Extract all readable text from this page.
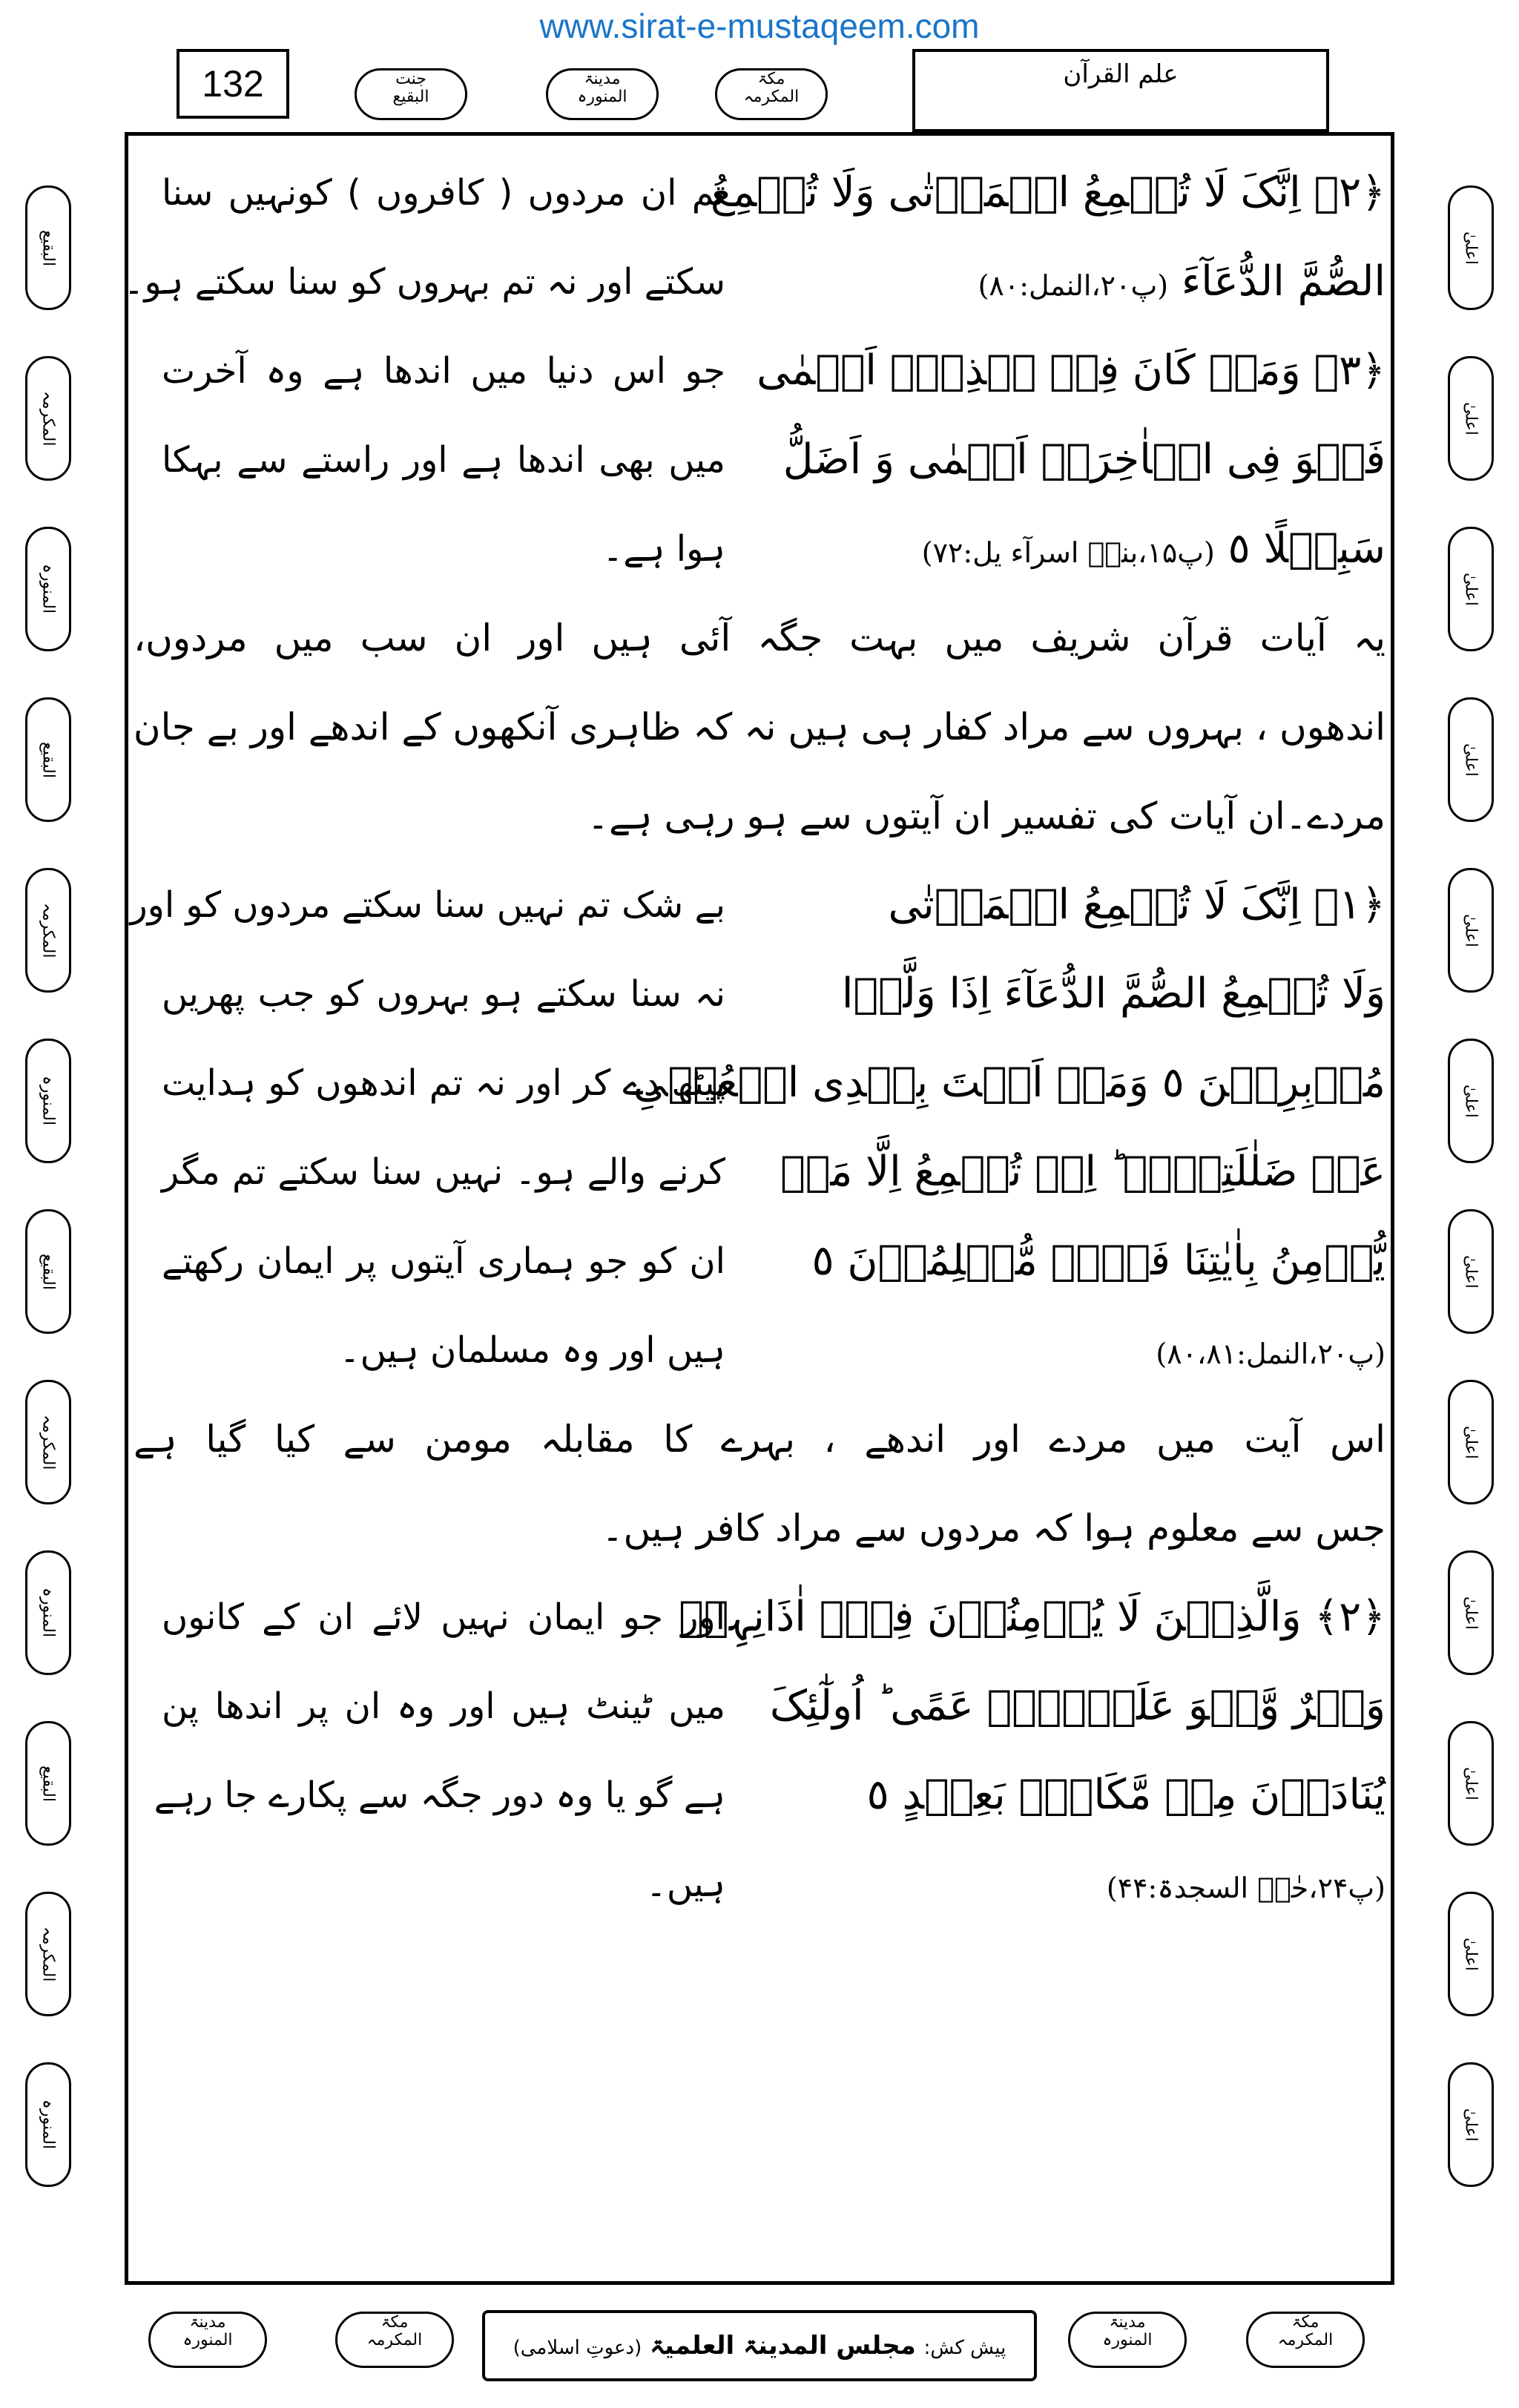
www.sirat-e-mustaqeem.com
132	جنت
البقیع
مدینۃ
المنورہ
مکۃ
المکرمہ
علم القرآن
البقیع
المکرمہ
المنورہ
البقیع
المکرمہ
المنورہ
البقیع
المکرمہ
المنورہ
البقیع
المکرمہ
المنورہ
اعلیٰ
اعلیٰ
اعلیٰ
اعلیٰ
اعلیٰ
اعلیٰ
اعلیٰ
اعلیٰ
اعلیٰ
اعلیٰ
اعلیٰ
اعلیٰ
﴿۲﴾ اِنَّکَ لَا تُسۡمِعُ الۡمَوۡتٰی وَلَا تُسۡمِعُ
تم ان مردوں ( کافروں ) کونہیں سنا
الصُّمَّ الدُّعَآءَ (پ۲۰،النمل:۸۰)
سکتے اور نہ تم بہروں کو سنا سکتے ہو۔
﴿۳﴾ وَمَنۡ کَانَ فِیۡ ہٰذِہٖۤ اَعۡمٰی
جو اس دنیا میں اندھا ہے وہ آخرت
فَہُوَ فِی الۡاٰخِرَۃِ اَعۡمٰی وَ اَضَلُّ
میں بھی اندھا ہے اور راستے سے بہکا
سَبِیۡلًا ٥ (پ۱۵،بنیۤ اسرآء یل:۷۲)
ہوا ہے۔
یہ آیات قرآن شریف میں بہت جگہ آئی ہیں اور ان سب میں مردوں،
اندھوں ، بہروں سے مراد کفار ہی ہیں نہ کہ ظاہری آنکھوں کے اندھے اور بے جان
مردے۔ان آیات کی تفسیر ان آیتوں سے ہو رہی ہے۔
﴿۱﴾ اِنَّکَ لَا تُسۡمِعُ الۡمَوۡتٰی
بے شک تم نہیں سنا سکتے مردوں کو اور
وَلَا تُسۡمِعُ الصُّمَّ الدُّعَآءَ اِذَا وَلَّوۡا
نہ سنا سکتے ہو بہروں کو جب پھریں
مُدۡبِرِیۡنَ ٥ وَمَاۤ اَنۡتَ بِہٰدِی الۡعُمۡیِ
پیٹھ دے کر اور نہ تم اندھوں کو ہدایت
عَنۡ ضَلٰلَتِہِمۡ ؕ اِنۡ تُسۡمِعُ اِلَّا مَنۡ
کرنے والے ہو۔ نہیں سنا سکتے تم مگر
یُّؤۡمِنُ بِاٰیٰتِنَا فَہُمۡ مُّسۡلِمُوۡنَ ٥
ان کو جو ہماری آیتوں پر ایمان رکھتے
(پ۲۰،النمل:۸۰،۸۱)
ہیں اور وہ مسلمان ہیں۔
اس آیت میں مردے اور اندھے ، بہرے کا مقابلہ مومن سے کیا گیا ہے
جس سے معلوم ہوا کہ مردوں سے مراد کافر ہیں۔
﴿۲﴾ وَالَّذِیۡنَ لَا یُؤۡمِنُوۡنَ فِیۡۤ اٰذَانِہِمۡ
اور جو ایمان نہیں لائے ان کے کانوں
وَقۡرٌ وَّہُوَ عَلَیۡہِمۡ عَمًی ؕ اُولٰٓئِکَ
میں ٹینٹ ہیں اور وہ ان پر اندھا پن
یُنَادَوۡنَ مِنۡ مَّکَانٍۭ بَعِیۡدٍ ٥
ہے گو یا وہ دور جگہ سے پکارے جا رہے
(پ۲۴،حٰمۤ السجدۃ:۴۴)
ہیں۔
مدینۃ
المنورہ
مکۃ
المکرمہ	پیش کش: مجلس المدینۃ العلمیۃ (دعوتِ اسلامی)
مدینۃ
المنورہ
مکۃ
المکرمہ
